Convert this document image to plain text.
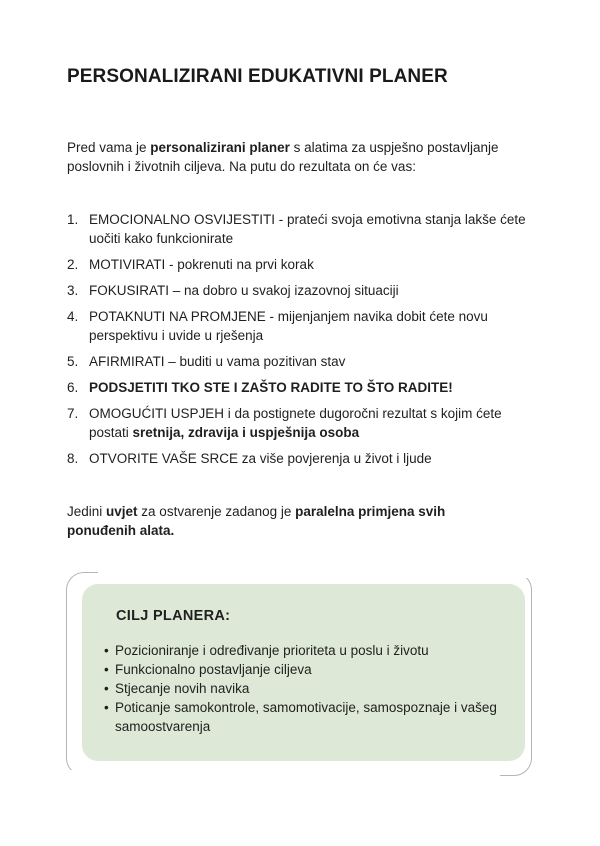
PERSONALIZIRANI EDUKATIVNI PLANER

Pred vama je personalizirani planer s alatima za uspješno postavljanje poslovnih i životnih ciljeva. Na putu do rezultata on će vas:

1. EMOCIONALNO OSVIJESTITI - prateći svoja emotivna stanja lakše ćete uočiti kako funkcionirate
2. MOTIVIRATI - pokrenuti na prvi korak
3. FOKUSIRATI – na dobro u svakoj izazovnoj situaciji
4. POTAKNUTI NA PROMJENE - mijenjanjem navika dobit ćete novu perspektivu i uvide u rješenja
5. AFIRMIRATI – buditi u vama pozitivan stav
6. PODSJETITI TKO STE I ZAŠTO RADITE TO ŠTO RADITE!
7. OMOGUĆITI USPJEH i da postignete dugoročni rezultat s kojim ćete postati sretnija, zdravija i uspješnija osoba
8. OTVORITE VAŠE SRCE za više povjerenja u život i ljude

Jedini uvjet za ostvarenje zadanog je paralelna primjena svih ponuđenih alata.

CILJ PLANERA:
• Pozicioniranje i određivanje prioriteta u poslu i životu
• Funkcionalno postavljanje ciljeva
• Stjecanje novih navika
• Poticanje samokontrole, samomotivacije, samospoznaje i vašeg samoostvarenja
